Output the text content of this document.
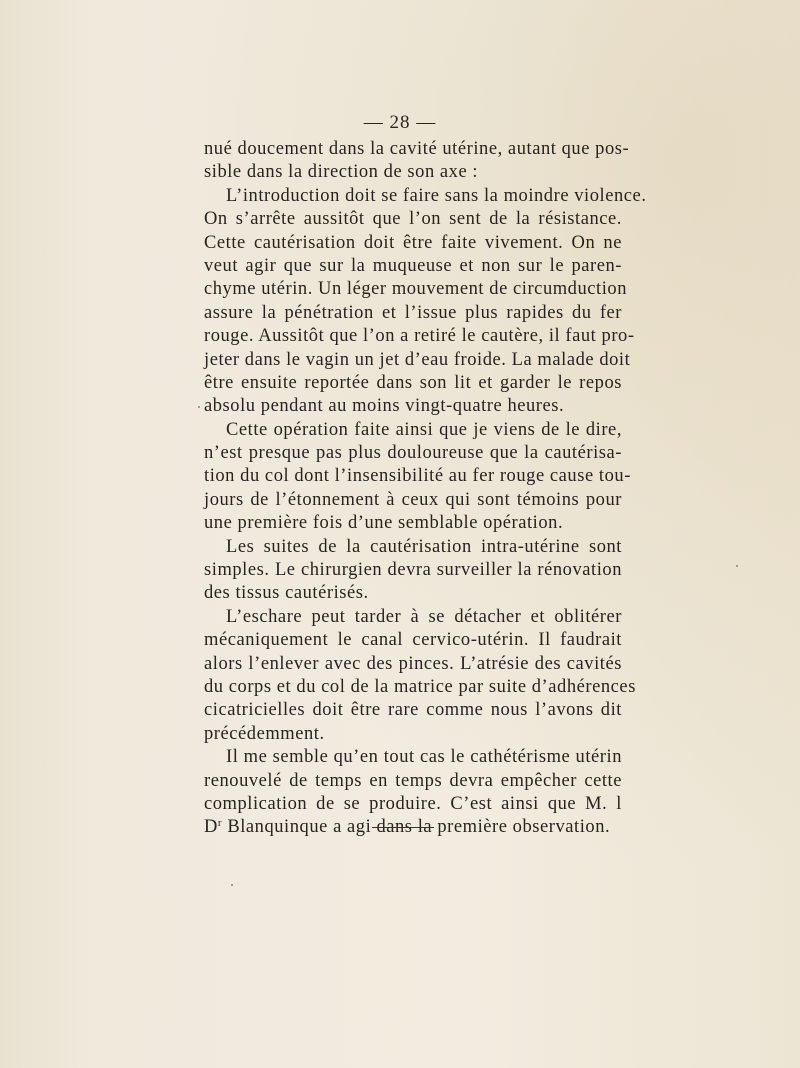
— 28 —
nué doucement dans la cavité utérine, autant que pos-
sible dans la direction de son axe :
L’introduction doit se faire sans la moindre violence.
On s’arrête aussitôt que l’on sent de la résistance.
Cette cautérisation doit être faite vivement. On ne
veut agir que sur la muqueuse et non sur le paren-
chyme utérin. Un léger mouvement de circumduction
assure la pénétration et l’issue plus rapides du fer
rouge. Aussitôt que l’on a retiré le cautère, il faut pro-
jeter dans le vagin un jet d’eau froide. La malade doit
être ensuite reportée dans son lit et garder le repos
absolu pendant au moins vingt-quatre heures.
Cette opération faite ainsi que je viens de le dire,
n’est presque pas plus douloureuse que la cautérisa-
tion du col dont l’insensibilité au fer rouge cause tou-
jours de l’étonnement à ceux qui sont témoins pour
une première fois d’une semblable opération.
Les suites de la cautérisation intra-utérine sont
simples. Le chirurgien devra surveiller la rénovation
des tissus cautérisés.
L’eschare peut tarder à se détacher et oblitérer
mécaniquement le canal cervico-utérin. Il faudrait
alors l’enlever avec des pinces. L’atrésie des cavités
du corps et du col de la matrice par suite d’adhérences
cicatricielles doit être rare comme nous l’avons dit
précédemment.
Il me semble qu’en tout cas le cathétérisme utérin
renouvelé de temps en temps devra empêcher cette
complication de se produire. C’est ainsi que M. l
$D^r$ Blanquinque a agi dans la première observation.
